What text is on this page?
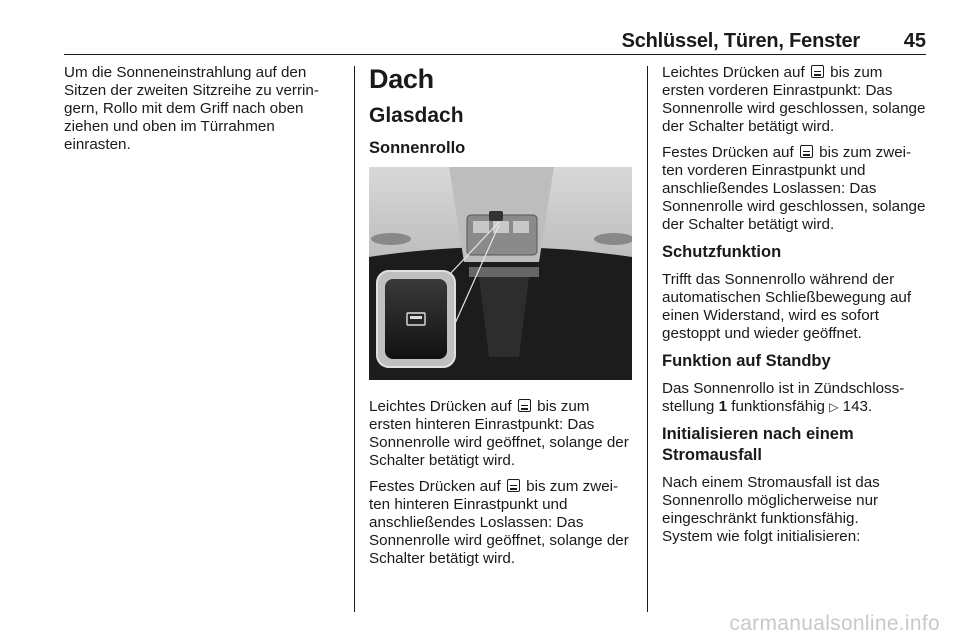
Schlüssel, Türen, Fenster	45

Um die Sonneneinstrahlung auf den Sitzen der zweiten Sitzreihe zu verrin- gern, Rollo mit dem Griff nach oben ziehen und oben im Türrahmen einrasten.

Dach
Glasdach
Sonnenrollo

Leichtes Drücken auf  bis zum ersten hinteren Einrastpunkt: Das Sonnenrolle wird geöffnet, solange der Schalter betätigt wird.

Festes Drücken auf  bis zum zwei- ten hinteren Einrastpunkt und anschließendes Loslassen: Das Sonnenrolle wird geöffnet, solange der Schalter betätigt wird.

Leichtes Drücken auf  bis zum ersten vorderen Einrastpunkt: Das Sonnenrolle wird geschlossen, solange der Schalter betätigt wird.

Festes Drücken auf  bis zum zwei- ten vorderen Einrastpunkt und anschließendes Loslassen: Das Sonnenrolle wird geschlossen, solange der Schalter betätigt wird.

Schutzfunktion

Trifft das Sonnenrollo während der automatischen Schließbewegung auf einen Widerstand, wird es sofort gestoppt und wieder geöffnet.

Funktion auf Standby

Das Sonnenrollo ist in Zündschloss- stellung 1 funktionsfähig ▷ 143.

Initialisieren nach einem Stromausfall

Nach einem Stromausfall ist das Sonnenrollo möglicherweise nur eingeschränkt funktionsfähig.

System wie folgt initialisieren:

carmanualsonline.info
